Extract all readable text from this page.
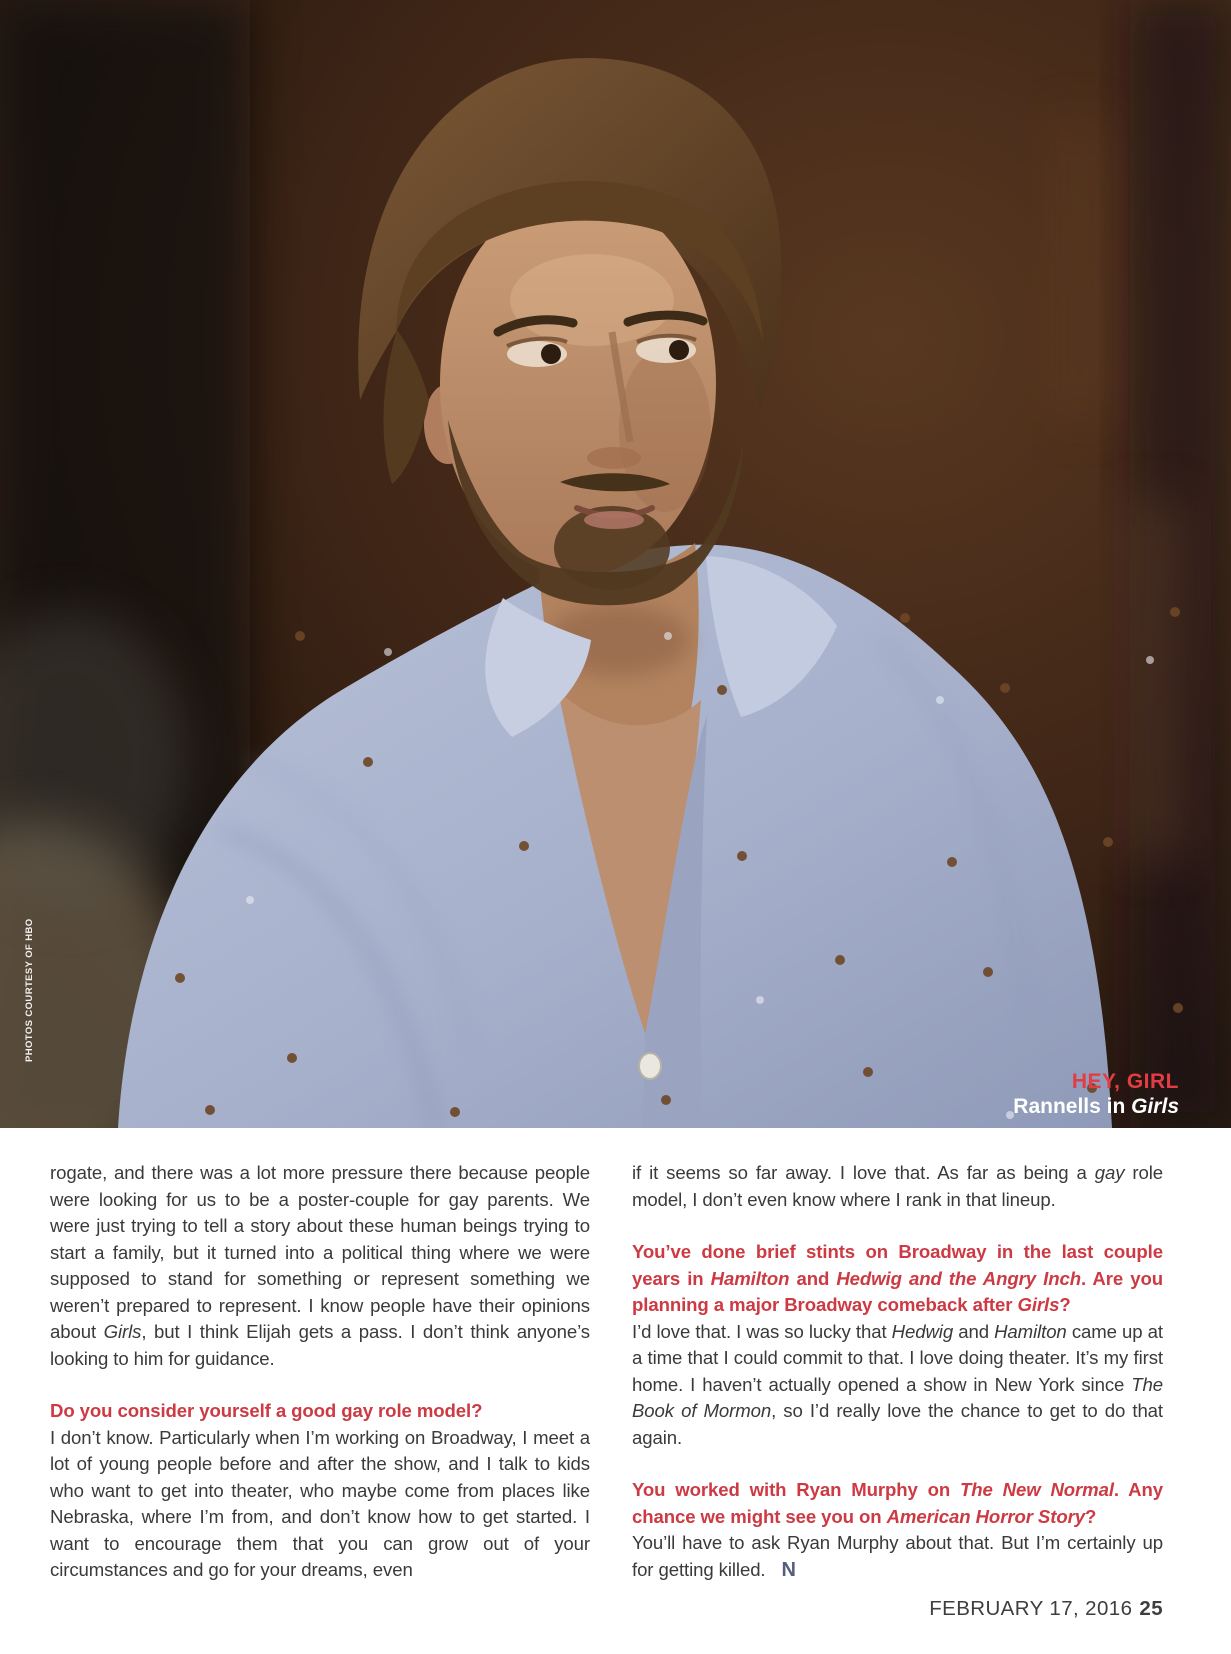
PHOTOS COURTESY OF HBO
HEY, GIRL
Rannells in Girls

rogate, and there was a lot more pressure there because people were looking for us to be a poster-couple for gay parents. We were just trying to tell a story about these human beings trying to start a family, but it turned into a political thing where we were supposed to stand for something or represent something we weren’t prepared to represent. I know people have their opinions about Girls, but I think Elijah gets a pass. I don’t think anyone’s looking to him for guidance.

Do you consider yourself a good gay role model?

I don’t know. Particularly when I’m working on Broadway, I meet a lot of young people before and after the show, and I talk to kids who want to get into theater, who maybe come from places like Nebraska, where I’m from, and don’t know how to get started. I want to encourage them that you can grow out of your circumstances and go for your dreams, even

if it seems so far away. I love that. As far as being a gay role model, I don’t even know where I rank in that lineup.

You’ve done brief stints on Broadway in the last couple years in Hamilton and Hedwig and the Angry Inch. Are you planning a major Broadway comeback after Girls?

I’d love that. I was so lucky that Hedwig and Hamilton came up at a time that I could commit to that. I love doing theater. It’s my first home. I haven’t actually opened a show in New York since The Book of Mormon, so I’d really love the chance to get to do that again.

You worked with Ryan Murphy on The New Normal. Any chance we might see you on American Horror Story?

You’ll have to ask Ryan Murphy about that. But I’m certainly up for getting killed. N

FEBRUARY 17, 2016 25
